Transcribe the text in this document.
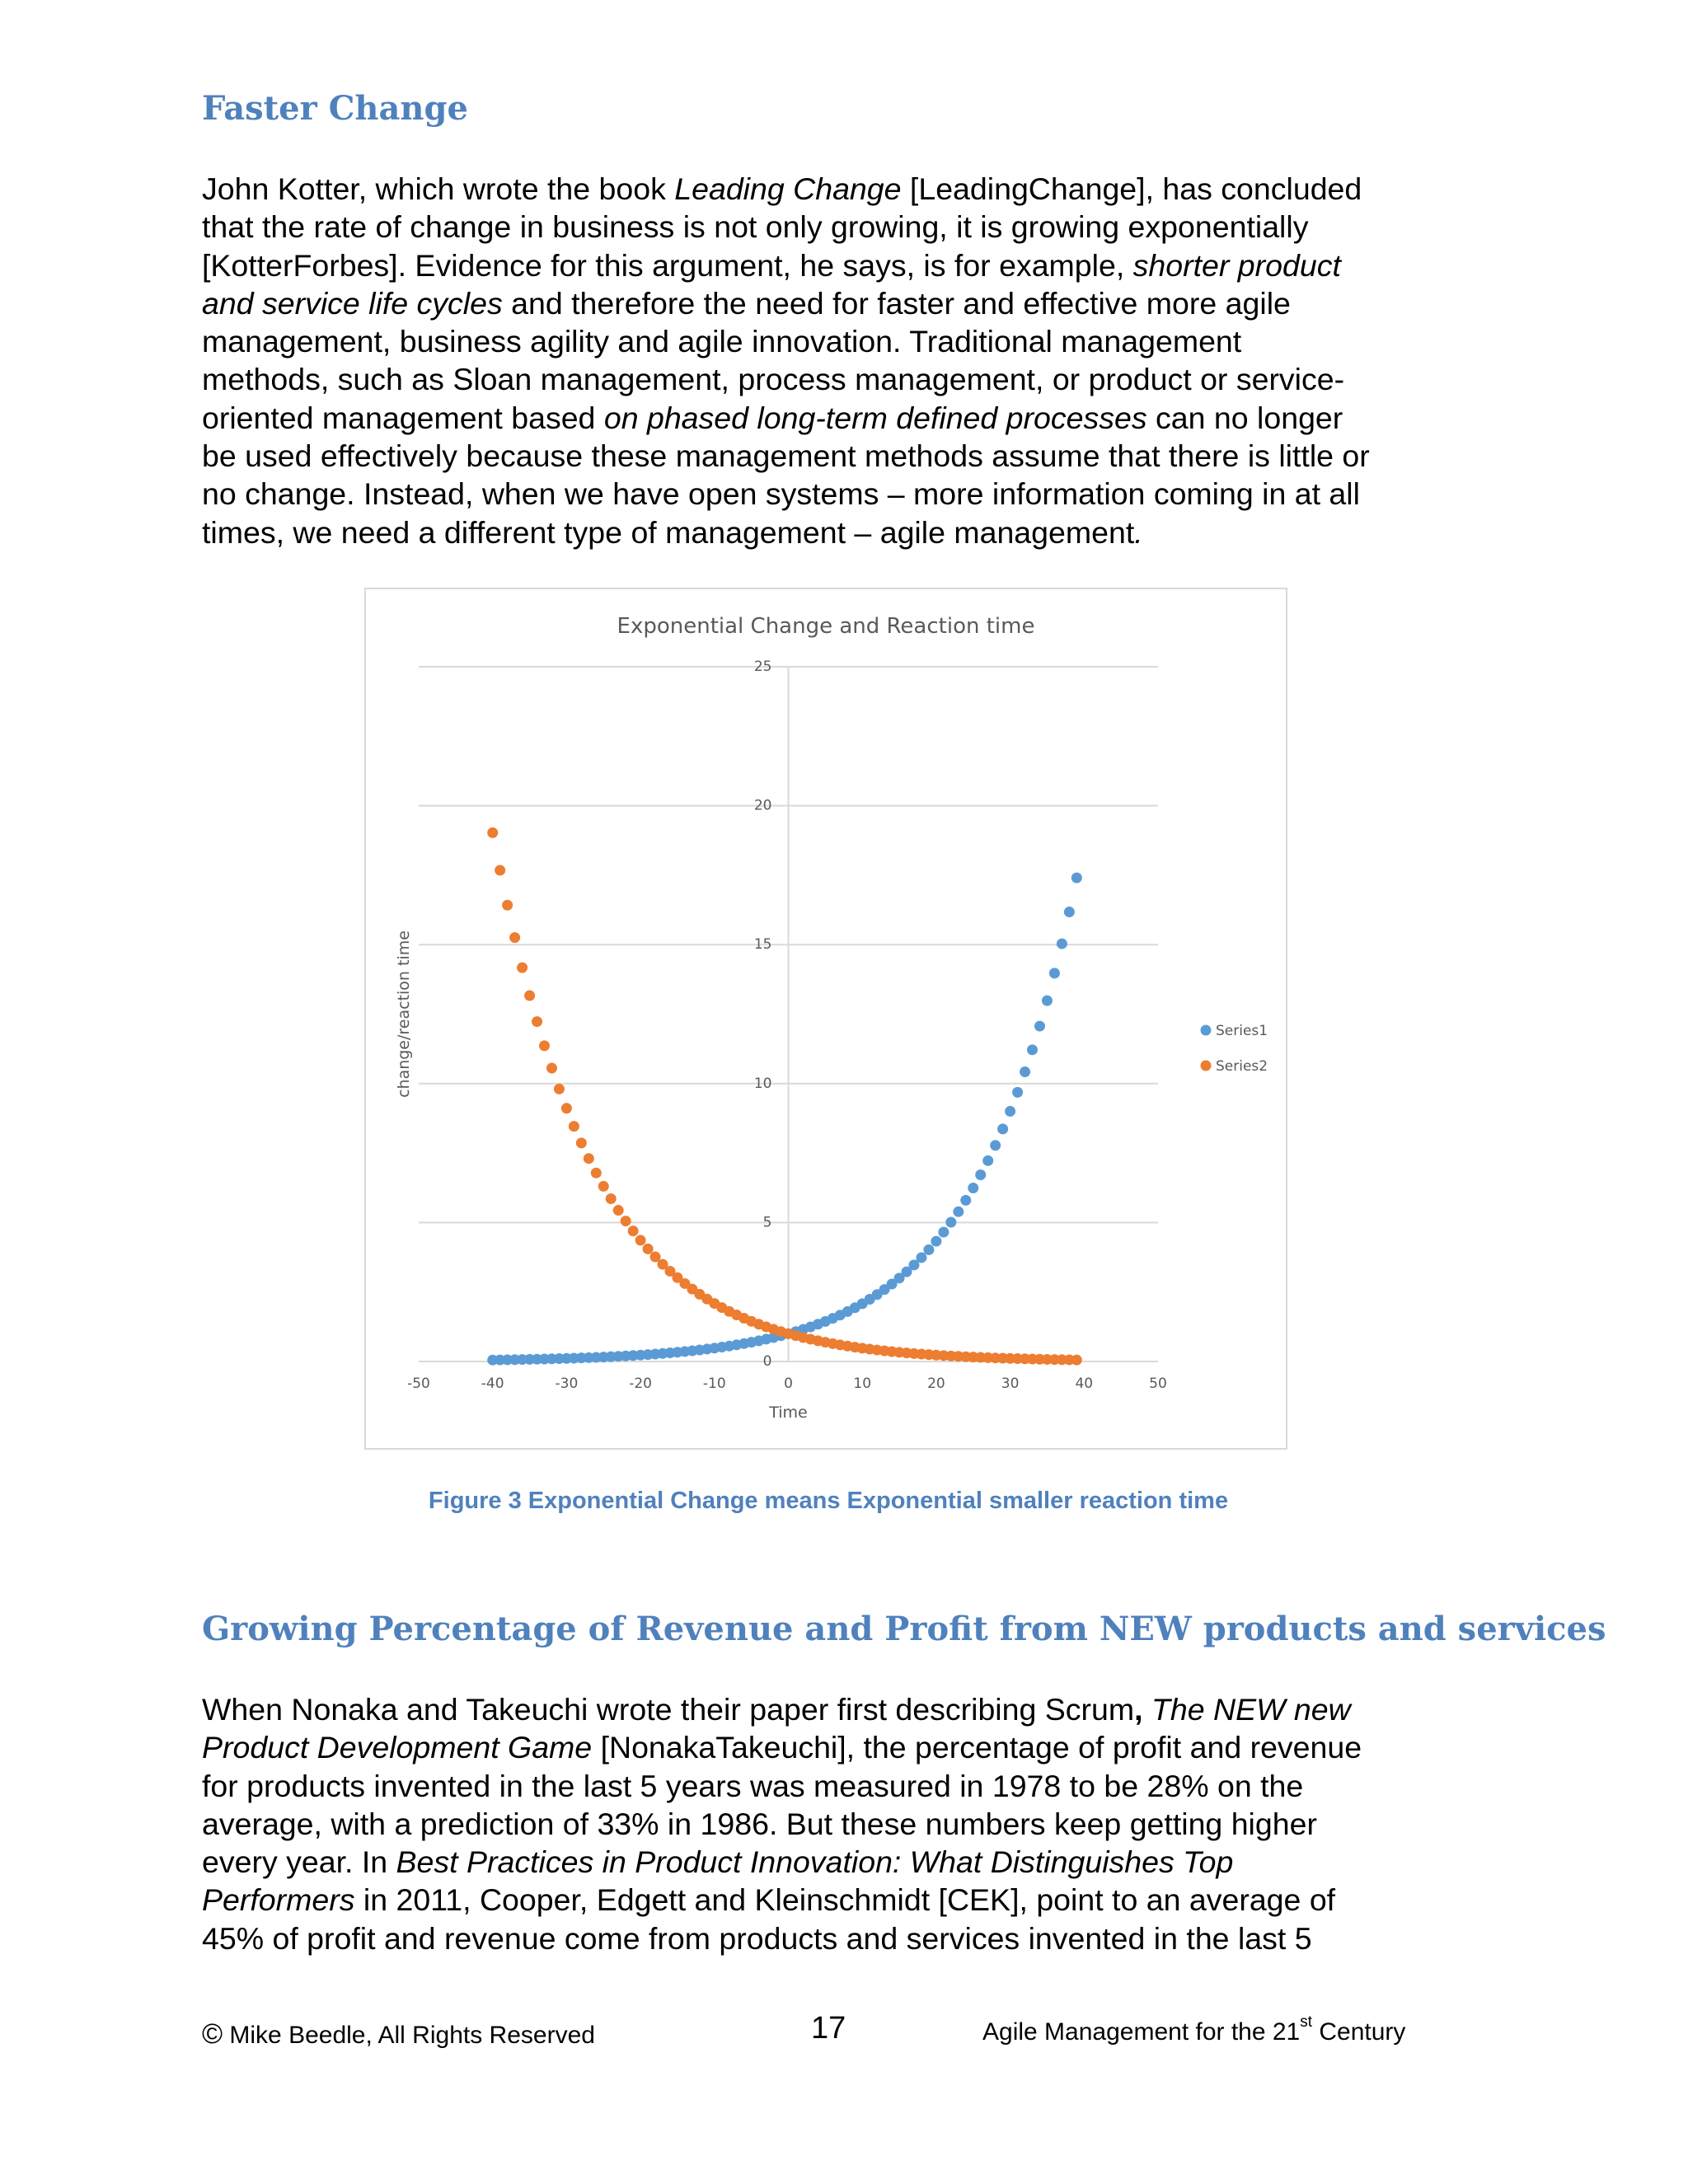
Faster Change
John Kotter, which wrote the book Leading Change [LeadingChange], has concluded
that the rate of change in business is not only growing, it is growing exponentially
[KotterForbes]. Evidence for this argument, he says, is for example, shorter product
and service life cycles and therefore the need for faster and effective more agile
management, business agility and agile innovation. Traditional management
methods, such as Sloan management, process management, or product or service-
oriented management based on phased long-term defined processes can no longer
be used effectively because these management methods assume that there is little or
no change. Instead, when we have open systems – more information coming in at all
times, we need a different type of management – agile management.
Exponential Change and Reaction time
0
5
10
15
20
25
-50	-40	-30	-20	-10	0	10	20	30	40	50
Time
change/reaction time	Series1
Series2

Figure 3 Exponential Change means Exponential smaller reaction time

Growing Percentage of Revenue and Profit from NEW products and services
When Nonaka and Takeuchi wrote their paper first describing Scrum, The NEW new
Product Development Game [NonakaTakeuchi], the percentage of profit and revenue
for products invented in the last 5 years was measured in 1978 to be 28% on the
average, with a prediction of 33% in 1986. But these numbers keep getting higher
every year. In Best Practices in Product Innovation: What Distinguishes Top
Performers in 2011, Cooper, Edgett and Kleinschmidt [CEK], point to an average of
45% of profit and revenue come from products and services invented in the last 5
© Mike Beedle, All Rights Reserved	17	Agile Management for the 21st Century
